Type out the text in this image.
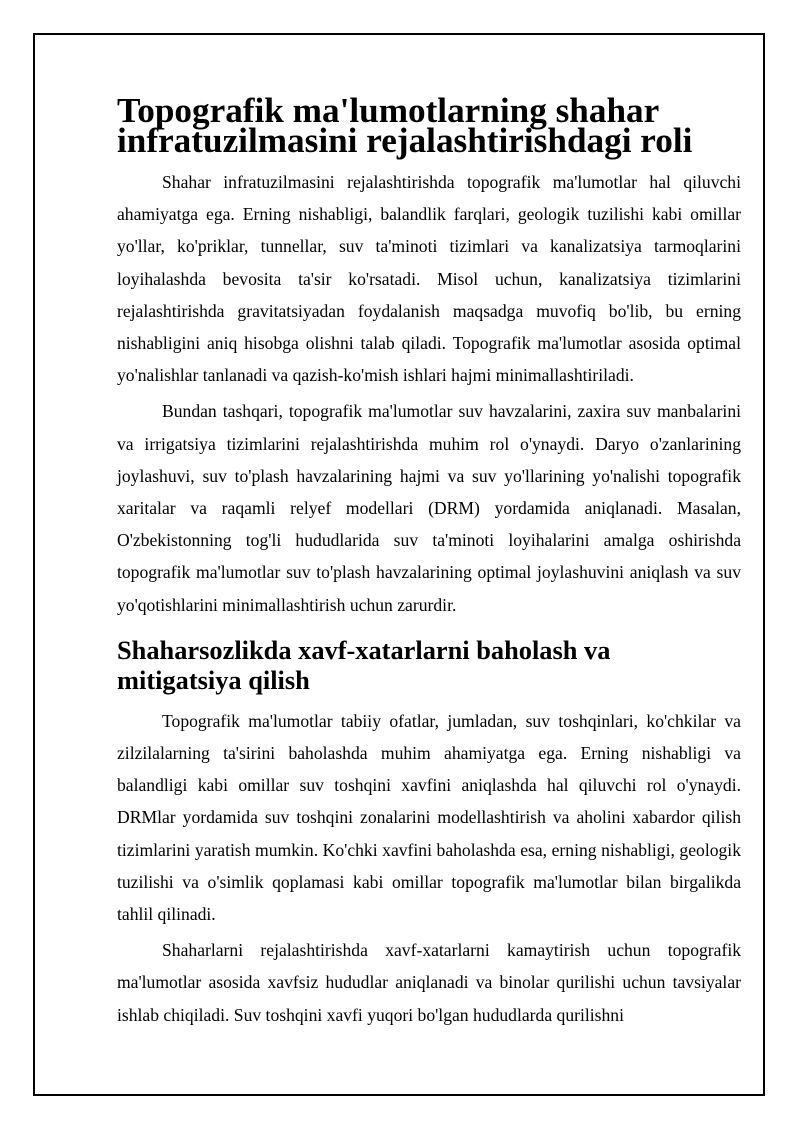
Topografik ma'lumotlarning shahar infratuzilmasini rejalashtirishdagi roli

Shahar infratuzilmasini rejalashtirishda topografik ma'lumotlar hal qiluvchi ahamiyatga ega. Erning nishabligi, balandlik farqlari, geologik tuzilishi kabi omillar yo'llar, ko'priklar, tunnellar, suv ta'minoti tizimlari va kanalizatsiya tarmoqlarini loyihalashda bevosita ta'sir ko'rsatadi. Misol uchun, kanalizatsiya tizimlarini rejalashtirishda gravitatsiyadan foydalanish maqsadga muvofiq bo'lib, bu erning nishabligini aniq hisobga olishni talab qiladi. Topografik ma'lumotlar asosida optimal yo'nalishlar tanlanadi va qazish-ko'mish ishlari hajmi minimallashtiriladi.

Bundan tashqari, topografik ma'lumotlar suv havzalarini, zaxira suv manbalarini va irrigatsiya tizimlarini rejalashtirishda muhim rol o'ynaydi. Daryo o'zanlarining joylashuvi, suv to'plash havzalarining hajmi va suv yo'llarining yo'nalishi topografik xaritalar va raqamli relyef modellari (DRM) yordamida aniqlanadi. Masalan, O'zbekistonning tog'li hududlarida suv ta'minoti loyihalarini amalga oshirishda topografik ma'lumotlar suv to'plash havzalarining optimal joylashuvini aniqlash va suv yo'qotishlarini minimallashtirish uchun zarurdir.

Shaharsozlikda xavf-xatarlarni baholash va mitigatsiya qilish

Topografik ma'lumotlar tabiiy ofatlar, jumladan, suv toshqinlari, ko'chkilar va zilzilalarning ta'sirini baholashda muhim ahamiyatga ega. Erning nishabligi va balandligi kabi omillar suv toshqini xavfini aniqlashda hal qiluvchi rol o'ynaydi. DRMlar yordamida suv toshqini zonalarini modellashtirish va aholini xabardor qilish tizimlarini yaratish mumkin. Ko'chki xavfini baholashda esa, erning nishabligi, geologik tuzilishi va o'simlik qoplamasi kabi omillar topografik ma'lumotlar bilan birgalikda tahlil qilinadi.

Shaharlarni rejalashtirishda xavf-xatarlarni kamaytirish uchun topografik ma'lumotlar asosida xavfsiz hududlar aniqlanadi va binolar qurilishi uchun tavsiyalar ishlab chiqiladi. Suv toshqini xavfi yuqori bo'lgan hududlarda qurilishni
